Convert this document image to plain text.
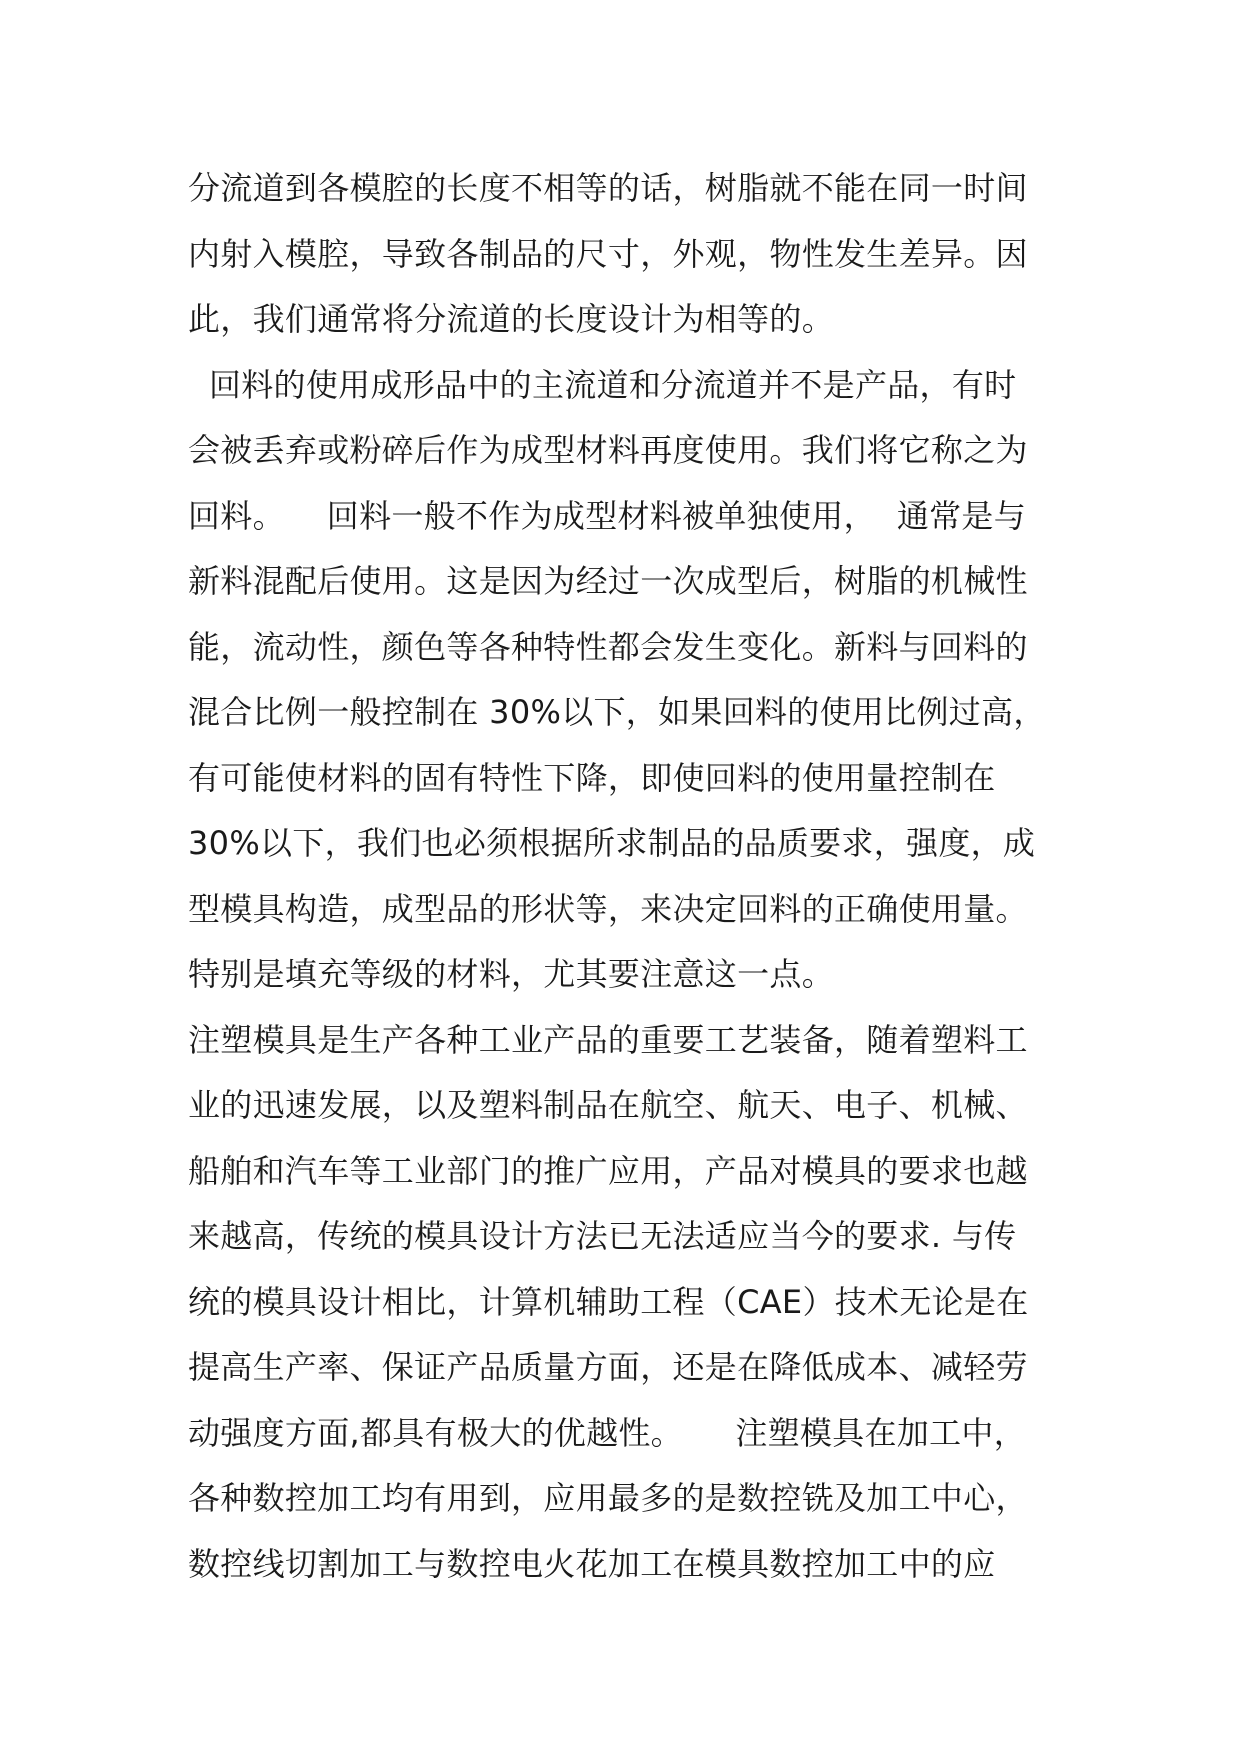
分流道到各模腔的长度不相等的话，树脂就不能在同一时间
内射入模腔，导致各制品的尺寸，外观，物性发生差异。因
此，我们通常将分流道的长度设计为相等的。
回料的使用成形品中的主流道和分流道并不是产品，有时
会被丢弃或粉碎后作为成型材料再度使用。我们将它称之为
回料。    回料一般不作为成型材料被单独使用，  通常是与
新料混配后使用。这是因为经过一次成型后，树脂的机械性
能，流动性，颜色等各种特性都会发生变化。新料与回料的
混合比例一般控制在 30%以下，如果回料的使用比例过高，
有可能使材料的固有特性下降，即使回料的使用量控制在
30%以下，我们也必须根据所求制品的品质要求，强度，成
型模具构造，成型品的形状等，来决定回料的正确使用量。
特别是填充等级的材料，尤其要注意这一点。
注塑模具是生产各种工业产品的重要工艺装备，随着塑料工
业的迅速发展，以及塑料制品在航空、航天、电子、机械、
船舶和汽车等工业部门的推广应用，产品对模具的要求也越
来越高，传统的模具设计方法已无法适应当今的要求. 与传
统的模具设计相比，计算机辅助工程（CAE）技术无论是在
提高生产率、保证产品质量方面，还是在降低成本、减轻劳
动强度方面,都具有极大的优越性。     注塑模具在加工中，
各种数控加工均有用到，应用最多的是数控铣及加工中心，
数控线切割加工与数控电火花加工在模具数控加工中的应
